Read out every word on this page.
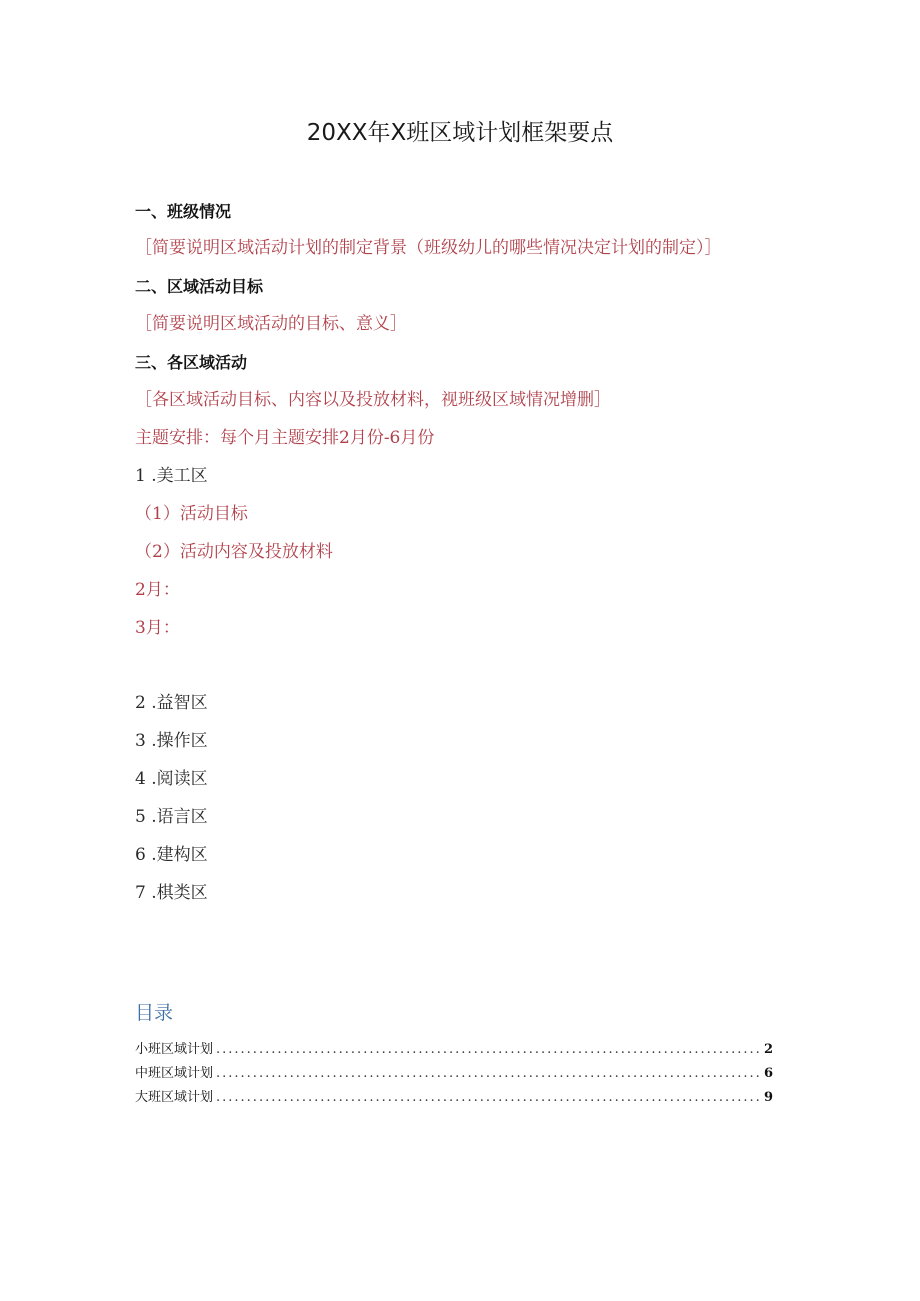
20XX年X班区域计划框架要点
一、班级情况
［简要说明区域活动计划的制定背景（班级幼儿的哪些情况决定计划的制定）］
二、区域活动目标
［简要说明区域活动的目标、意义］
三、各区域活动
［各区域活动目标、内容以及投放材料，视班级区域情况增删］
主题安排：每个月主题安排2月份-6月份
1 .美工区
（1）活动目标
（2）活动内容及投放材料
2月：
3月：
2 .益智区
3 .操作区
4 .阅读区
5 .语言区
6 .建构区
7 .棋类区
目录
小班区域计划 .....	2
中班区域计划 .....	6
大班区域计划 .....	9
